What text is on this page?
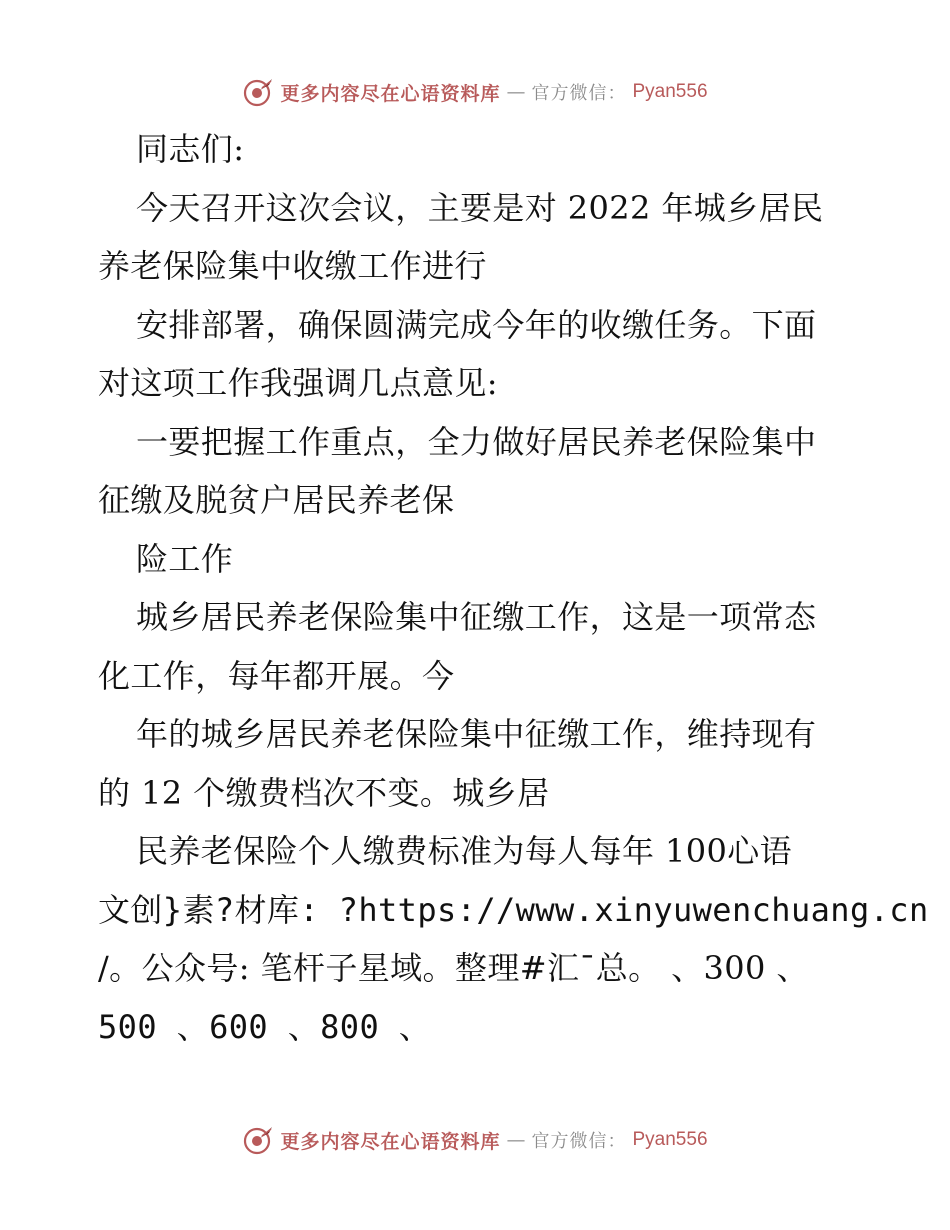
更多内容尽在心语资料库 — 官方微信： Pyan556
同志们:
今天召开这次会议，主要是对 2022 年城乡居民
养老保险集中收缴工作进行
安排部署，确保圆满完成今年的收缴任务。下面
对这项工作我强调几点意见:
一要把握工作重点，全力做好居民养老保险集中
征缴及脱贫户居民养老保
险工作
城乡居民养老保险集中征缴工作，这是一项常态
化工作，每年都开展。今
年的城乡居民养老保险集中征缴工作，维持现有
的 12 个缴费档次不变。城乡居
民养老保险个人缴费标准为每人每年 100心语
文创}素?材库: ?https://www.xinyuwenchuang.cn
/。公众号: 笔杆子星域。整理#汇¯总。 、300 、
500 、600 、800 、
更多内容尽在心语资料库 — 官方微信： Pyan556
